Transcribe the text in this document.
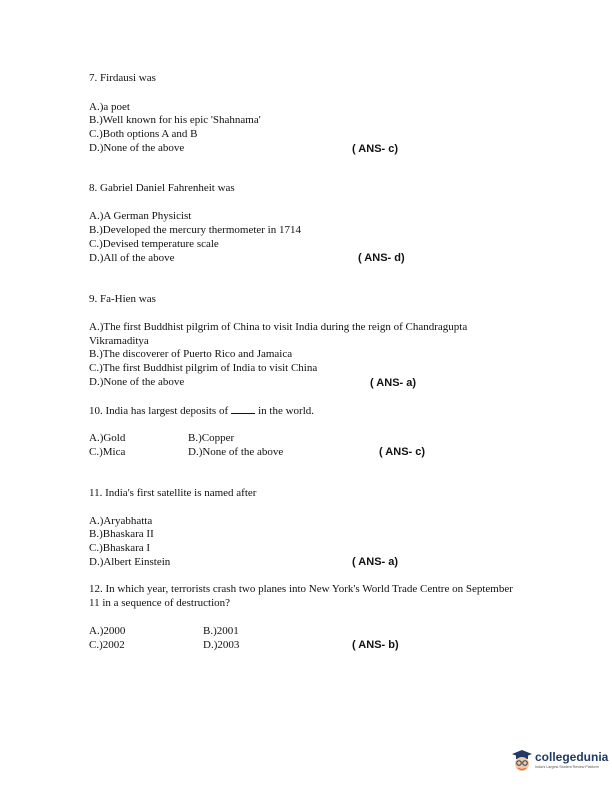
7. Firdausi was
A.)a poet
B.)Well known for his epic 'Shahnama'
C.)Both options A and B
D.)None of the above	( ANS- c)
8. Gabriel Daniel Fahrenheit was
A.)A German Physicist
B.)Developed the mercury thermometer in 1714
C.)Devised temperature scale
D.)All of the above	( ANS- d)
9. Fa-Hien was
A.)The first Buddhist pilgrim of China to visit India during the reign of Chandragupta Vikramaditya
B.)The discoverer of Puerto Rico and Jamaica
C.)The first Buddhist pilgrim of India to visit China
D.)None of the above	( ANS- a)
10. India has largest deposits of	in the world.
A.)Gold	B.)Copper
C.)Mica	D.)None of the above	( ANS- c)
11. India's first satellite is named after
A.)Aryabhatta
B.)Bhaskara II
C.)Bhaskara I
D.)Albert Einstein	( ANS- a)
12. In which year, terrorists crash two planes into New York's World Trade Centre on September 11 in a sequence of destruction?
A.)2000	B.)2001
C.)2002	D.)2003	( ANS- b)
collegedunia
India's Largest Student Review Platform
